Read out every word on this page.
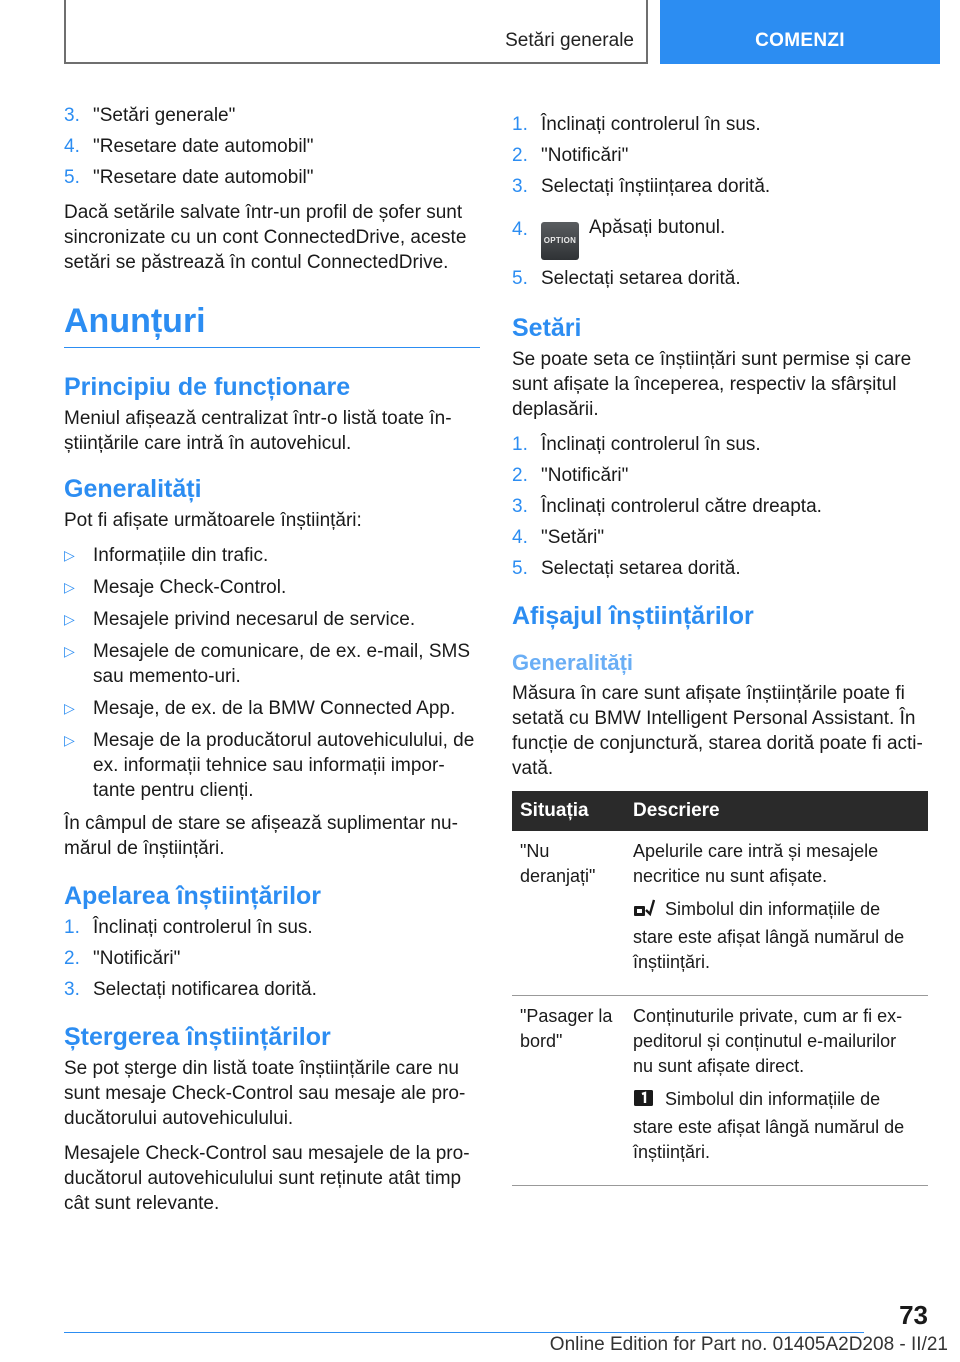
Setări generale	COMENZI
3. "Setări generale"
4. "Resetare date automobil"
5. "Resetare date automobil"

Dacă setările salvate într-un profil de șofer sunt sincronizate cu un cont ConnectedDrive, aceste setări se păstrează în contul ConnectedDrive.

Anunțuri
Principiu de funcționare

Meniul afișează centralizat într-o listă toate înștiințările care intră în autovehicul.

Generalități

Pot fi afișate următoarele înștiințări:

▷ Informațiile din trafic.
▷ Mesaje Check-Control.
▷ Mesajele privind necesarul de service.
▷ Mesajele de comunicare, de ex. e-mail, SMS sau memento-uri.
▷ Mesaje, de ex. de la BMW Connected App.
▷ Mesaje de la producătorul autovehiculului, de ex. informații tehnice sau informații importante pentru clienți.

În câmpul de stare se afișează suplimentar numărul de înștiințări.

Apelarea înștiințărilor
1. Înclinați controlerul în sus.
2. "Notificări"
3. Selectați notificarea dorită.
Ștergerea înștiințărilor

Se pot șterge din listă toate înștiințările care nu sunt mesaje Check-Control sau mesaje ale producătorului autovehiculului.

Mesajele Check-Control sau mesajele de la producătorul autovehiculului sunt reținute atât timp cât sunt relevante.

1. Înclinați controlerul în sus.
2. "Notificări"
3. Selectați înștiințarea dorită.
4.
OPTIONApăsați butonul.
5. Selectați setarea dorită.
Setări

Se poate seta ce înștiințări sunt permise și care sunt afișate la începerea, respectiv la sfârșitul deplasării.

1. Înclinați controlerul în sus.
2. "Notificări"
3. Înclinați controlerul către dreapta.
4. "Setări"
5. Selectați setarea dorită.
Afișajul înștiințărilor
Generalități

Măsura în care sunt afișate înștiințările poate fi setată cu BMW Intelligent Personal Assistant. În funcție de conjunctură, starea dorită poate fi activată.

Situația	Descriere
"Nu deranjați"	Apelurile care intră și mesajele necritice nu sunt afișate.

Simbolul din informațiile de stare este afișat lângă numărul de înștiințări.

"Pasager la bord"	Conținuturile private, cum ar fi expeditorul și conținutul e-mailurilor nu sunt afișate direct.

Simbolul din informațiile de stare este afișat lângă numărul de înștiințări.

73
Online Edition for Part no. 01405A2D208 - II/21
